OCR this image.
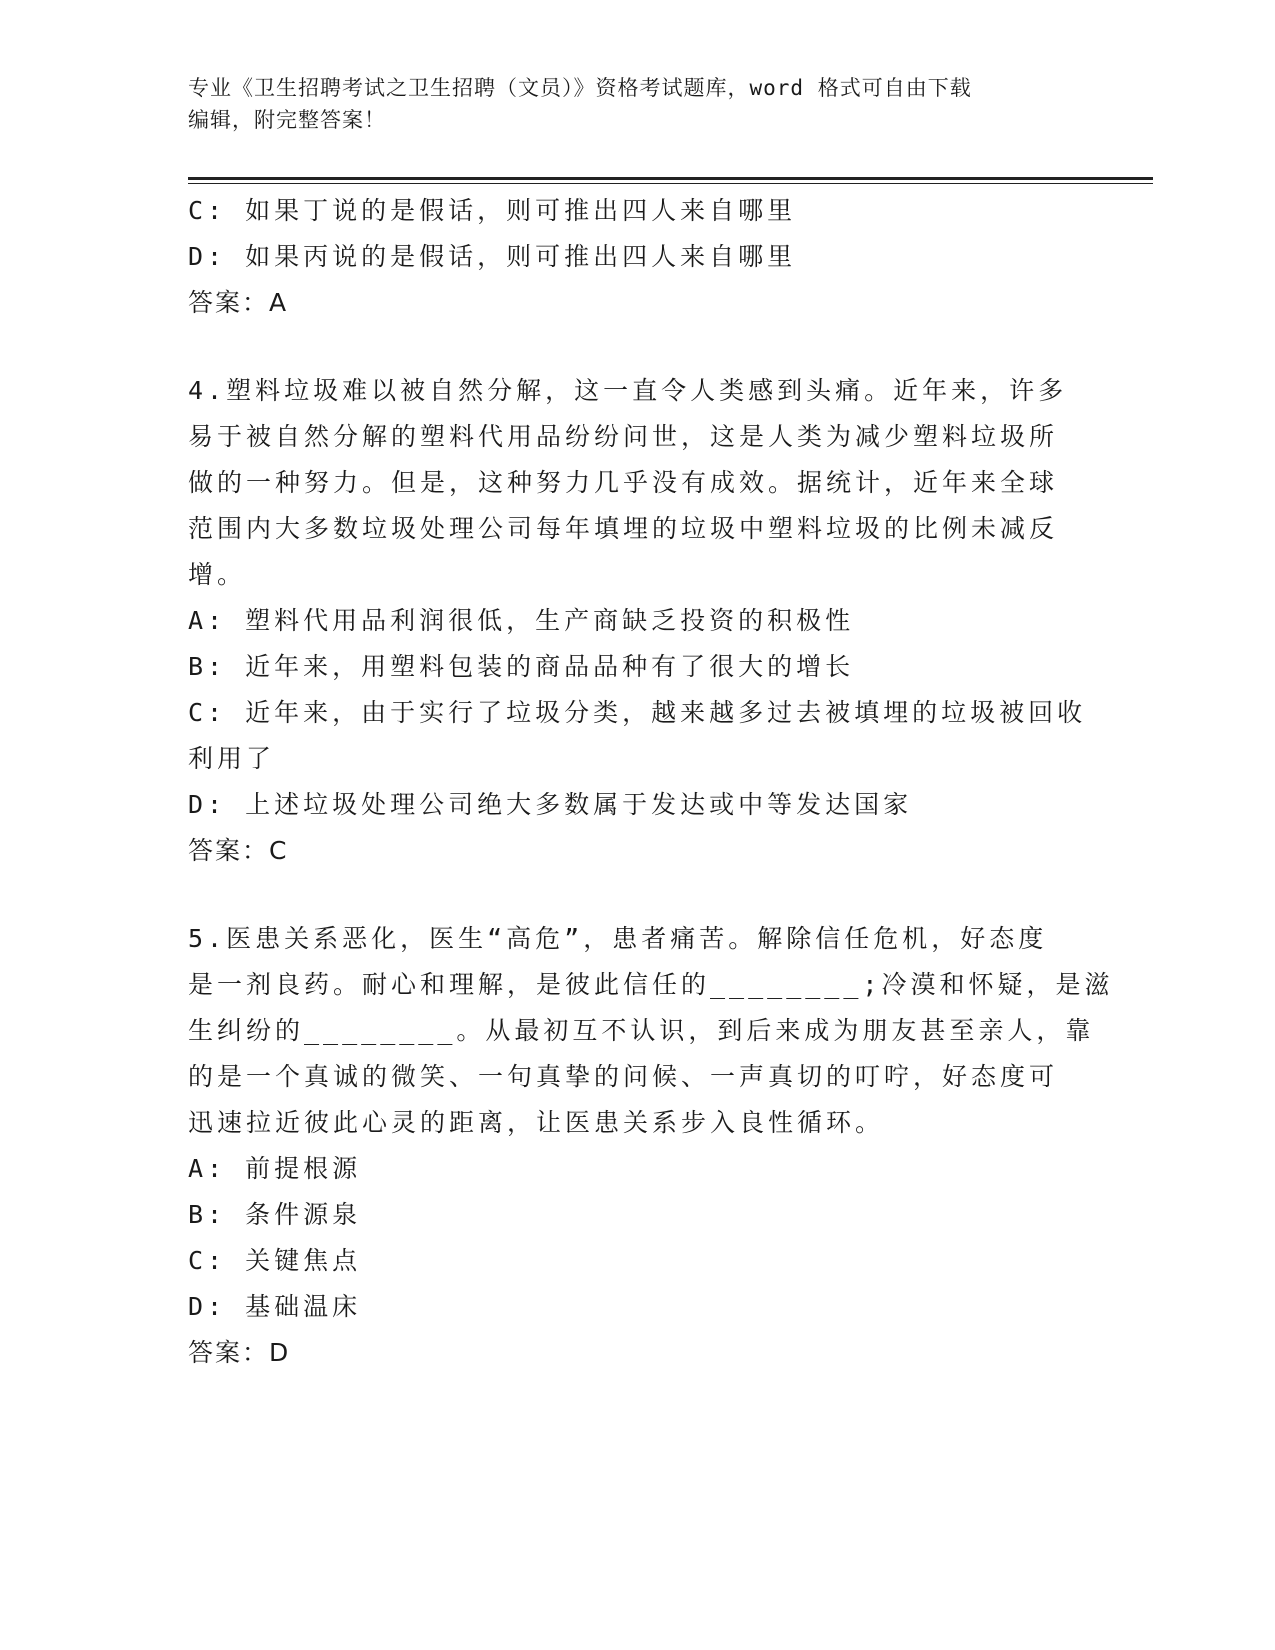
专业《卫生招聘考试之卫生招聘（文员）》资格考试题库，word 格式可自由下载
编辑，附完整答案！
C: 如果丁说的是假话，则可推出四人来自哪里
D: 如果丙说的是假话，则可推出四人来自哪里
答案：A
4.塑料垃圾难以被自然分解，这一直令人类感到头痛。近年来，许多
易于被自然分解的塑料代用品纷纷问世，这是人类为减少塑料垃圾所
做的一种努力。但是，这种努力几乎没有成效。据统计，近年来全球
范围内大多数垃圾处理公司每年填埋的垃圾中塑料垃圾的比例未减反
增。
A: 塑料代用品利润很低，生产商缺乏投资的积极性
B: 近年来，用塑料包装的商品品种有了很大的增长
C: 近年来，由于实行了垃圾分类，越来越多过去被填埋的垃圾被回收
利用了
D: 上述垃圾处理公司绝大多数属于发达或中等发达国家
答案：C
5.医患关系恶化，医生“高危”，患者痛苦。解除信任危机，好态度
是一剂良药。耐心和理解，是彼此信任的________;冷漠和怀疑，是滋
生纠纷的________。从最初互不认识，到后来成为朋友甚至亲人，靠
的是一个真诚的微笑、一句真挚的问候、一声真切的叮咛，好态度可
迅速拉近彼此心灵的距离，让医患关系步入良性循环。
A: 前提根源
B: 条件源泉
C: 关键焦点
D: 基础温床
答案：D
